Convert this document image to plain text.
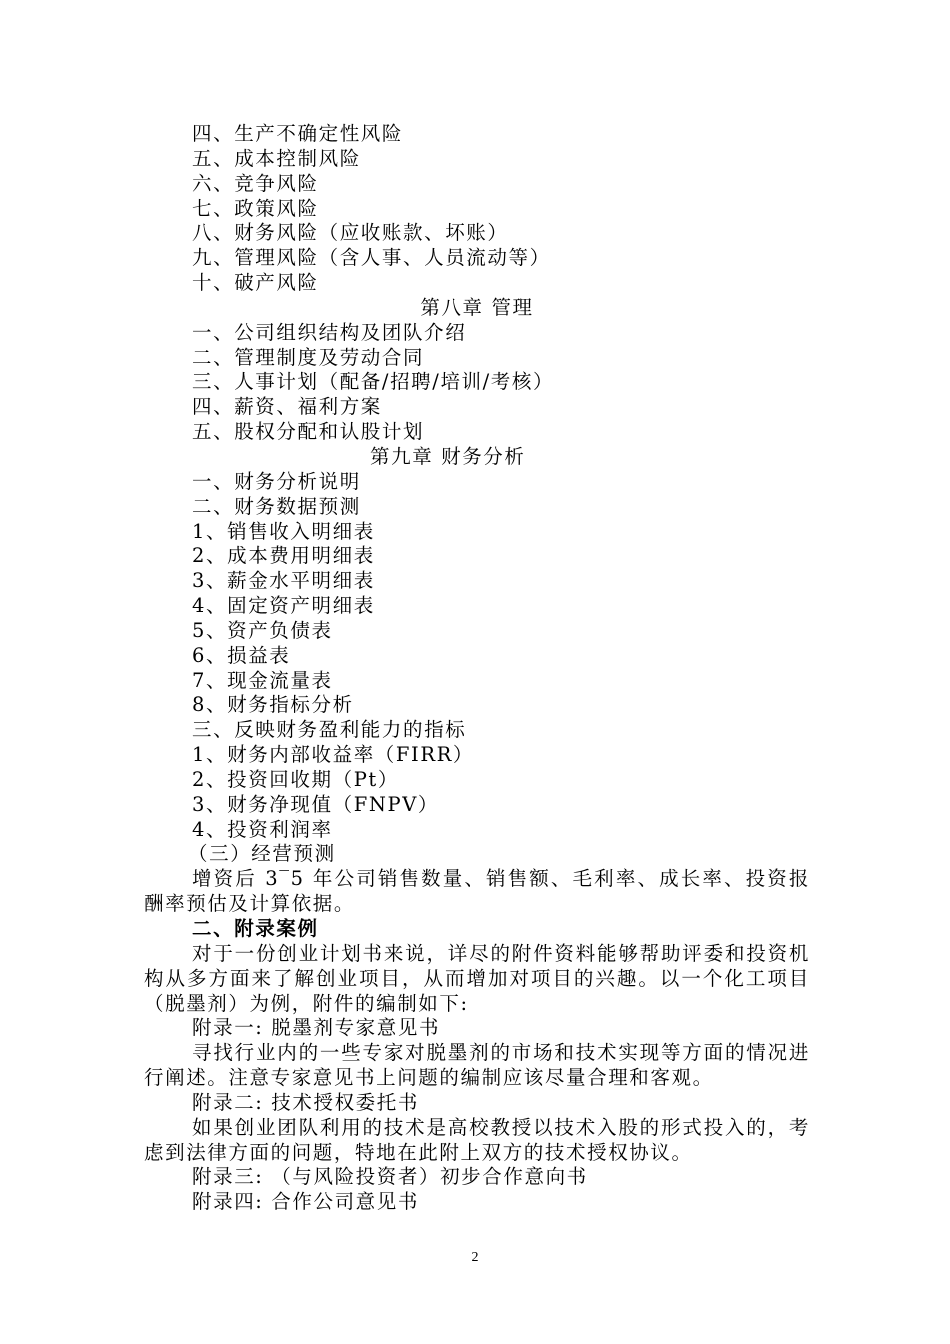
四、生产不确定性风险
五、成本控制风险
六、竞争风险
七、政策风险
八、财务风险（应收账款、坏账）
九、管理风险（含人事、人员流动等）
十、破产风险
第八章 管理
一、公司组织结构及团队介绍
二、管理制度及劳动合同
三、人事计划（配备/招聘/培训/考核）
四、薪资、福利方案
五、股权分配和认股计划
第九章 财务分析
一、财务分析说明
二、财务数据预测
1、销售收入明细表
2、成本费用明细表
3、薪金水平明细表
4、固定资产明细表
5、资产负债表
6、损益表
7、现金流量表
8、财务指标分析
三、反映财务盈利能力的指标
1、财务内部收益率（FIRR）
2、投资回收期（Pt）
3、财务净现值（FNPV）
4、投资利润率
（三）经营预测
增资后 3‾5 年公司销售数量、销售额、毛利率、成长率、投资报酬率预估及计算依据。
二、附录案例
对于一份创业计划书来说，详尽的附件资料能够帮助评委和投资机构从多方面来了解创业项目，从而增加对项目的兴趣。以一个化工项目（脱墨剂）为例，附件的编制如下:
附录一: 脱墨剂专家意见书
寻找行业内的一些专家对脱墨剂的市场和技术实现等方面的情况进行阐述。注意专家意见书上问题的编制应该尽量合理和客观。
附录二: 技术授权委托书
如果创业团队利用的技术是高校教授以技术入股的形式投入的，考虑到法律方面的问题，特地在此附上双方的技术授权协议。
附录三: （与风险投资者）初步合作意向书
附录四: 合作公司意见书
2
